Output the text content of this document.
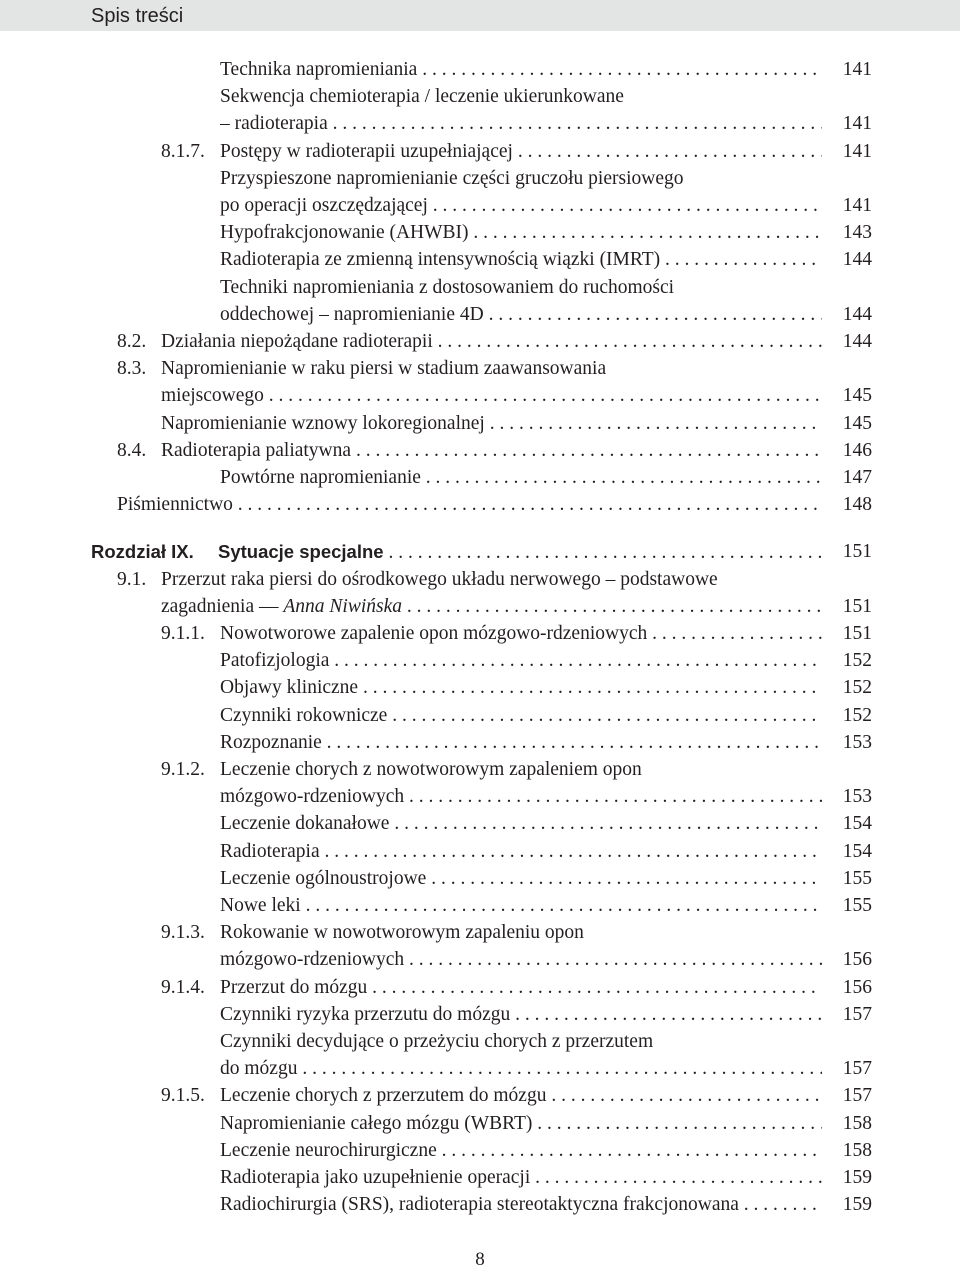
Spis treści
Technika napromieniania . . .	141
Sekwencja chemioterapia / leczenie ukierunkowane
– radioterapia . . .	141
8.1.7. Postępy w radioterapii uzupełniającej . . .	141
Przyspieszone napromienianie części gruczołu piersiowego
po operacji oszczędzającej . . .	141
Hypofrakcjonowanie (AHWBI) . . .	143
Radioterapia ze zmienną intensywnością wiązki (IMRT) . . .	144
Techniki napromieniania z dostosowaniem do ruchomości
oddechowej – napromienianie 4D . . .	144
8.2. Działania niepożądane radioterapii . . .	144
8.3. Napromienianie w raku piersi w stadium zaawansowania
miejscowego . . .	145
Napromienianie wznowy lokoregionalnej . . .	145
8.4. Radioterapia paliatywna . . .	146
Powtórne napromienianie . . .	147
Piśmiennictwo . . .	148
Rozdział IX. Sytuacje specjalne . . .	151
9.1. Przerzut raka piersi do ośrodkowego układu nerwowego – podstawowe
zagadnienia — Anna Niwińska . . .	151
9.1.1. Nowotworowe zapalenie opon mózgowo-rdzeniowych . . .	151
Patofizjologia . . .	152
Objawy kliniczne . . .	152
Czynniki rokownicze . . .	152
Rozpoznanie . . .	153
9.1.2. Leczenie chorych z nowotworowym zapaleniem opon
mózgowo-rdzeniowych . . .	153
Leczenie dokanałowe . . .	154
Radioterapia . . .	154
Leczenie ogólnoustrojowe . . .	155
Nowe leki . . .	155
9.1.3. Rokowanie w nowotworowym zapaleniu opon
mózgowo-rdzeniowych . . .	156
9.1.4. Przerzut do mózgu . . .	156
Czynniki ryzyka przerzutu do mózgu . . .	157
Czynniki decydujące o przeżyciu chorych z przerzutem
do mózgu . . .	157
9.1.5. Leczenie chorych z przerzutem do mózgu . . .	157
Napromienianie całego mózgu (WBRT) . . .	158
Leczenie neurochirurgiczne . . .	158
Radioterapia jako uzupełnienie operacji . . .	159
Radiochirurgia (SRS), radioterapia stereotaktyczna frakcjonowana . . .	159
8
